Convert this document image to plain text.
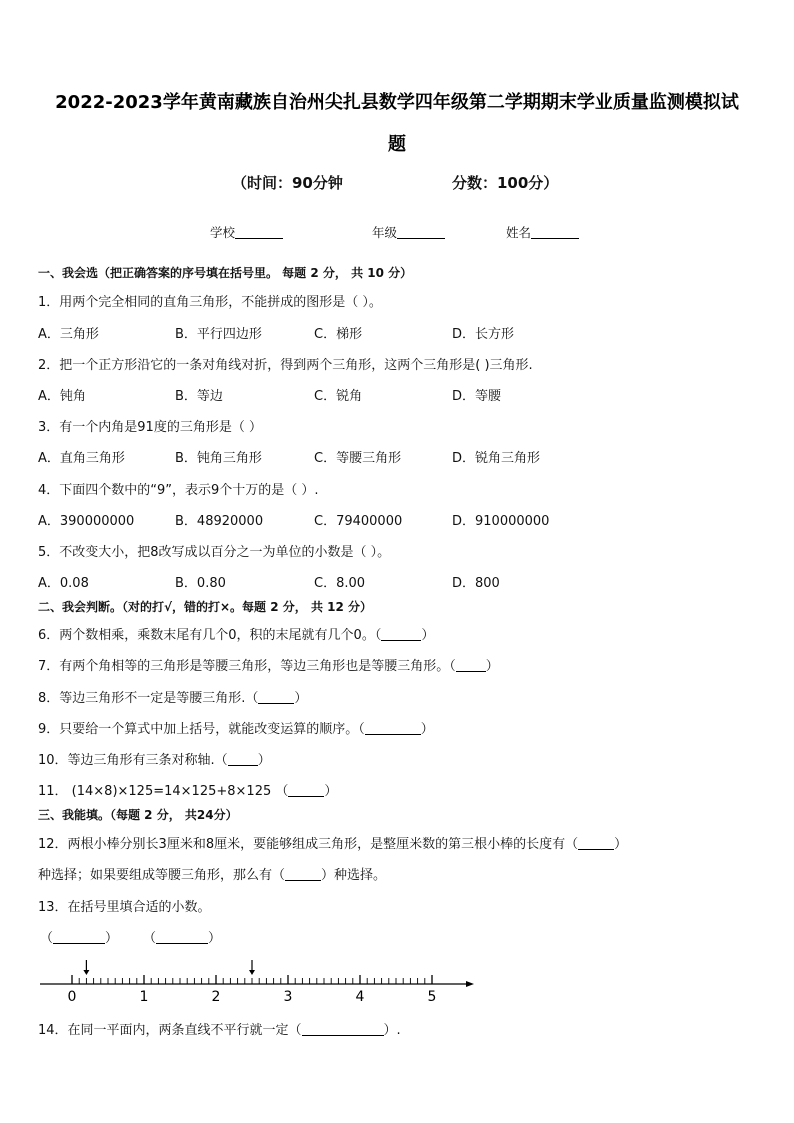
2022-2023学年黄南藏族自治州尖扎县数学四年级第二学期期末学业质量监测模拟试
题
（时间：90分钟	分数：100分）
学校	年级	姓名
一、我会选（把正确答案的序号填在括号里。 每题 2 分， 共 10 分）
1．用两个完全相同的直角三角形，不能拼成的图形是（ ）。
A．三角形	B．平行四边形	C．梯形	D．长方形
2．把一个正方形沿它的一条对角线对折，得到两个三角形，这两个三角形是( )三角形.
A．钝角	B．等边	C．锐角	D．等腰
3．有一个内角是91度的三角形是（ ）
A．直角三角形	B．钝角三角形	C．等腰三角形	D．锐角三角形
4．下面四个数中的“9”，表示9个十万的是（ ）.
A．390000000	B．48920000	C．79400000	D．910000000
5．不改变大小，把8改写成以百分之一为单位的小数是（ ）。
A．0.08	B．0.80	C．8.00	D．800
二、我会判断。（对的打√，错的打×。每题 2 分， 共 12 分）
6．两个数相乘，乘数末尾有几个0，积的末尾就有几个0。（	）
7．有两个角相等的三角形是等腰三角形，等边三角形也是等腰三角形。（ ）
8．等边三角形不一定是等腰三角形.（	）
9．只要给一个算式中加上括号，就能改变运算的顺序。（	）
10．等边三角形有三条对称轴.（ ）
11． (14×8)×125=14×125+8×125 （	）
三、我能填。（每题 2 分， 共24分）
12．两根小棒分别长3厘米和8厘米，要能够组成三角形，是整厘米数的第三根小棒的长度有（	）
种选择；如果要组成等腰三角形，那么有（	）种选择。
13．在括号里填合适的小数。
（	） （	）
0	1	2	3	4	5
14．在同一平面内，两条直线不平行就一定（	）.
